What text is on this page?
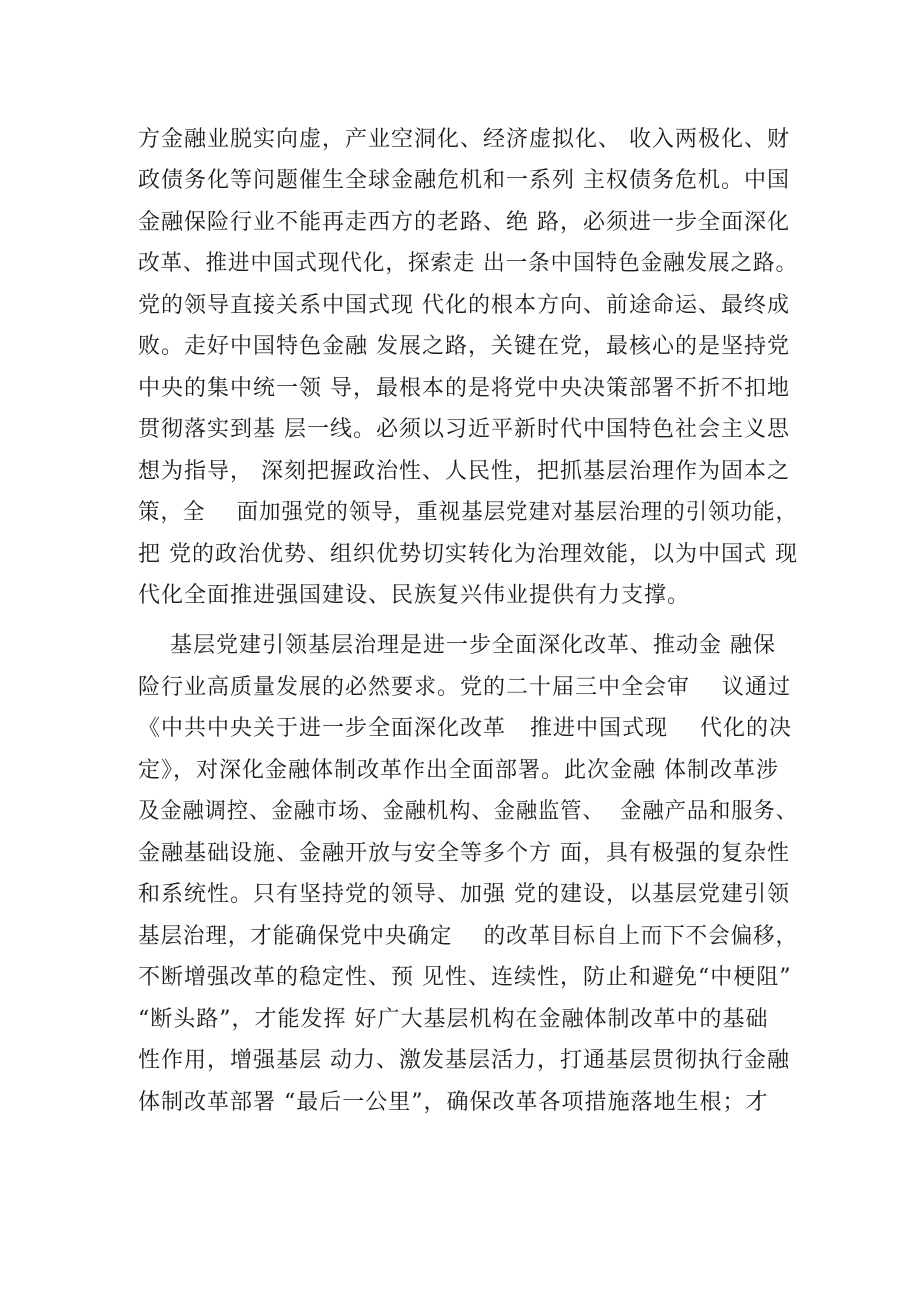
方金融业脱实向虚，产业空洞化、经济虚拟化、 收入两极化、财
政债务化等问题催生全球金融危机和一系列 主权债务危机。中国
金融保险行业不能再走西方的老路、绝 路，必须进一步全面深化
改革、推进中国式现代化，探索走 出一条中国特色金融发展之路。
党的领导直接关系中国式现 代化的根本方向、前途命运、最终成
败。走好中国特色金融 发展之路，关键在党，最核心的是坚持党
中央的集中统一领 导，最根本的是将党中央决策部署不折不扣地
贯彻落实到基 层一线。必须以习近平新时代中国特色社会主义思
想为指导， 深刻把握政治性、人民性，把抓基层治理作为固本之
策，全    面加强党的领导，重视基层党建对基层治理的引领功能，
把 党的政治优势、组织优势切实转化为治理效能，以为中国式 现
代化全面推进强国建设、民族复兴伟业提供有力支撑。
基层党建引领基层治理是进一步全面深化改革、推动金 融保
险行业高质量发展的必然要求。党的二十届三中全会审    议通过
《中共中央关于进一步全面深化改革   推进中国式现    代化的决
定》，对深化金融体制改革作出全面部署。此次金融 体制改革涉
及金融调控、金融市场、金融机构、金融监管、  金融产品和服务、
金融基础设施、金融开放与安全等多个方 面，具有极强的复杂性
和系统性。只有坚持党的领导、加强 党的建设，以基层党建引领
基层治理，才能确保党中央确定    的改革目标自上而下不会偏移，
不断增强改革的稳定性、预 见性、连续性，防止和避免“中梗阻”
“断头路”，才能发挥 好广大基层机构在金融体制改革中的基础
性作用，增强基层 动力、激发基层活力，打通基层贯彻执行金融
体制改革部署 “最后一公里”，确保改革各项措施落地生根；才
